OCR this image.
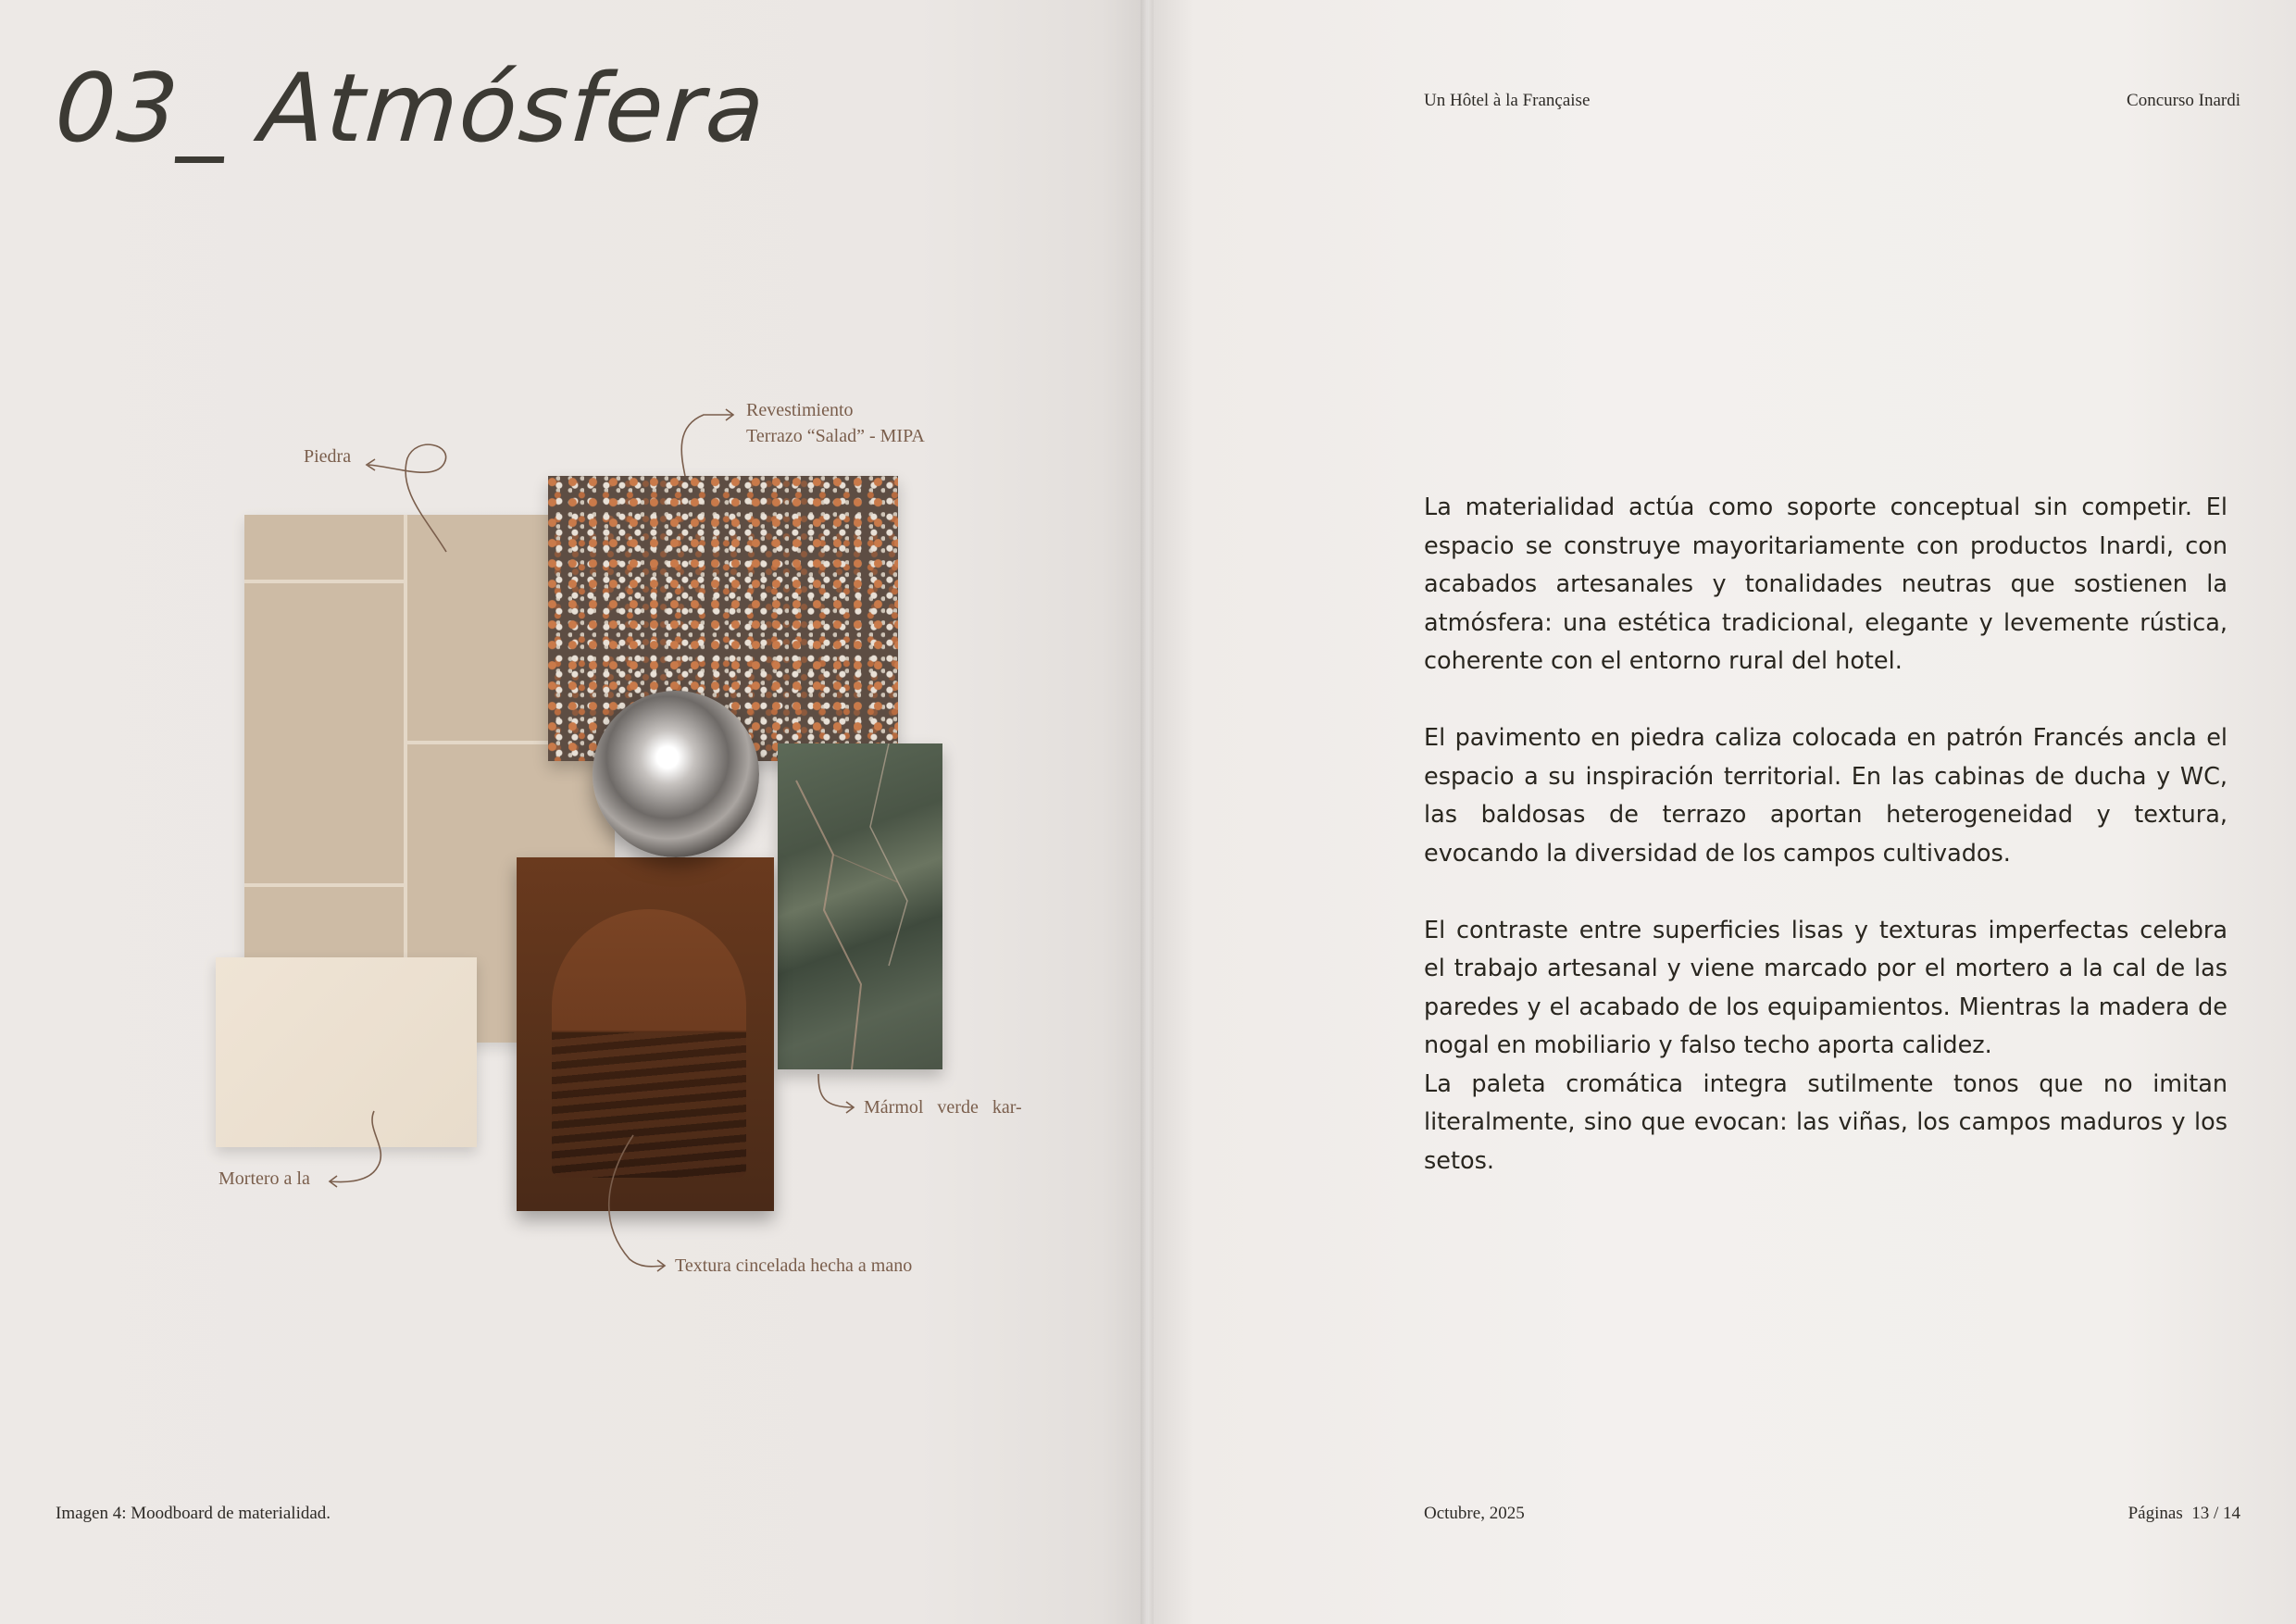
03_ Atmósfera
Piedra
Revestimiento
Terrazo “Salad” - MIPA
Mármol verde kar-
Mortero a la
Textura cincelada hecha a mano
Imagen 4: Moodboard de materialidad.
Un Hôtel à la Française	Concurso Inardi

La materialidad actúa como soporte conceptual sin competir. El espacio se construye mayoritariamente con productos Inardi, con acabados artesanales y tonalidades neutras que sostienen la atmósfera: una estética tradicional, elegante y levemente rústica, coherente con el entorno rural del hotel.

El pavimento en piedra caliza colocada en patrón Francés ancla el espacio a su inspiración territorial. En las cabinas de ducha y WC, las baldosas de terrazo aportan heterogeneidad y textura, evocando la diversidad de los campos cultivados.

El contraste entre superficies lisas y texturas imperfectas celebra el trabajo artesanal y viene marcado por el mortero a la cal de las paredes y el acabado de los equipamientos. Mientras la madera de nogal en mobiliario y falso techo aporta calidez.

La paleta cromática integra sutilmente tonos que no imitan literalmente, sino que evocan: las viñas, los campos maduros y los setos.

Octubre, 2025	Páginas  13 / 14
